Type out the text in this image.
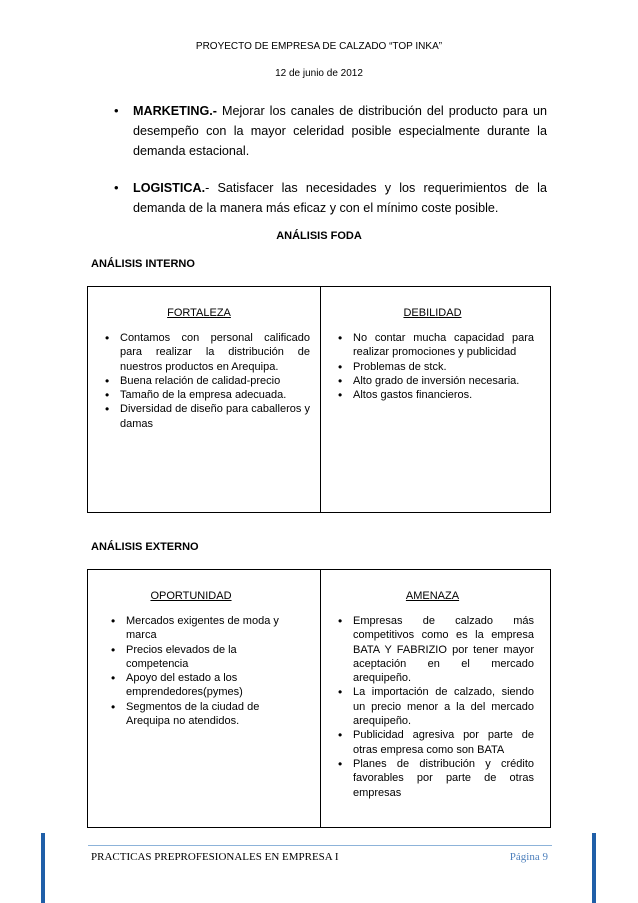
PROYECTO DE EMPRESA DE CALZADO “TOP INKA”
12 de junio de 2012
• MARKETING.- Mejorar los canales de distribución del producto para un desempeño con la mayor celeridad posible especialmente durante la demanda estacional.
• LOGISTICA.- Satisfacer las necesidades y los requerimientos de la demanda de la manera más eficaz y con el mínimo coste posible.
ANÁLISIS FODA
ANÁLISIS INTERNO
FORTALEZA
• Contamos con personal calificado para realizar la distribución de nuestros productos en Arequipa.
• Buena relación de calidad-precio
• Tamaño de la empresa adecuada.
• Diversidad de diseño para caballeros y damas
DEBILIDAD
• No contar mucha capacidad para realizar promociones y publicidad
• Problemas de stck.
• Alto grado de inversión necesaria.
• Altos gastos financieros.
ANÁLISIS EXTERNO
OPORTUNIDAD
• Mercados exigentes de moda y marca
• Precios elevados de la competencia
• Apoyo del estado a los emprendedores(pymes)
• Segmentos de la ciudad de Arequipa no atendidos.
AMENAZA
• Empresas de calzado más competitivos como es la empresa BATA Y FABRIZIO por tener mayor aceptación en el mercado arequipeño.
• La importación de calzado, siendo un precio menor a la del mercado arequipeño.
• Publicidad agresiva por parte de otras empresa como son BATA
• Planes de distribución y crédito favorables por parte de otras empresas
PRACTICAS PREPROFESIONALES EN EMPRESA I	Página 9
